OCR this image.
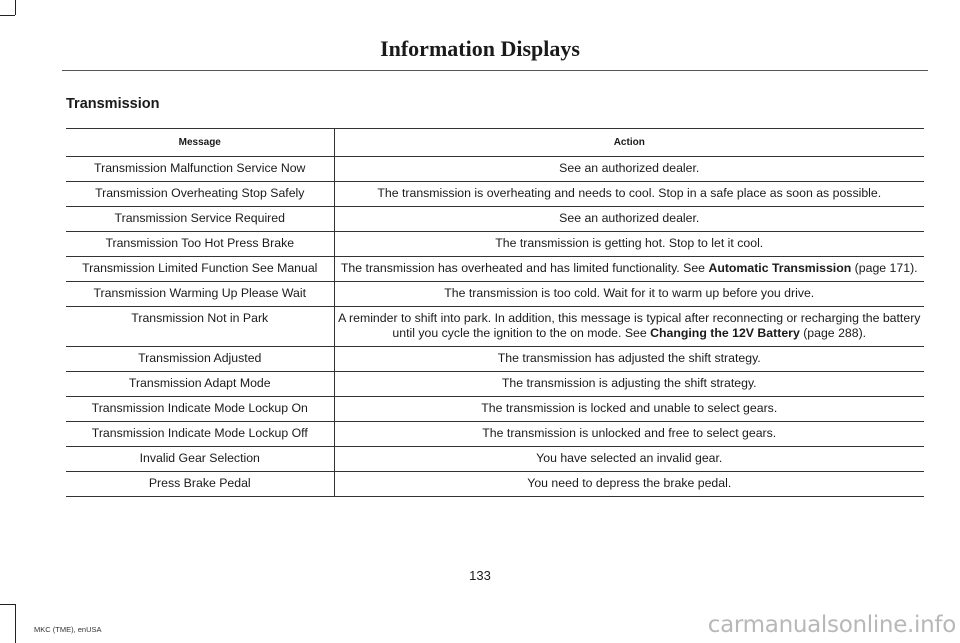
Information Displays
Transmission
Message	Action
Transmission Malfunction Service Now	See an authorized dealer.
Transmission Overheating Stop Safely	The transmission is overheating and needs to cool. Stop in a safe place as soon as possible.
Transmission Service Required	See an authorized dealer.
Transmission Too Hot Press Brake	The transmission is getting hot. Stop to let it cool.
Transmission Limited Function See Manual	The transmission has overheated and has limited functionality. See Automatic Transmission (page 171).
Transmission Warming Up Please Wait	The transmission is too cold. Wait for it to warm up before you drive.
Transmission Not in Park	A reminder to shift into park. In addition, this message is typical after reconnecting or recharging the battery until you cycle the ignition to the on mode. See Changing the 12V Battery (page 288).
Transmission Adjusted	The transmission has adjusted the shift strategy.
Transmission Adapt Mode	The transmission is adjusting the shift strategy.
Transmission Indicate Mode Lockup On	The transmission is locked and unable to select gears.
Transmission Indicate Mode Lockup Off	The transmission is unlocked and free to select gears.
Invalid Gear Selection	You have selected an invalid gear.
Press Brake Pedal	You need to depress the brake pedal.
133
MKC (TME), enUSA	carmanualsonline.info
